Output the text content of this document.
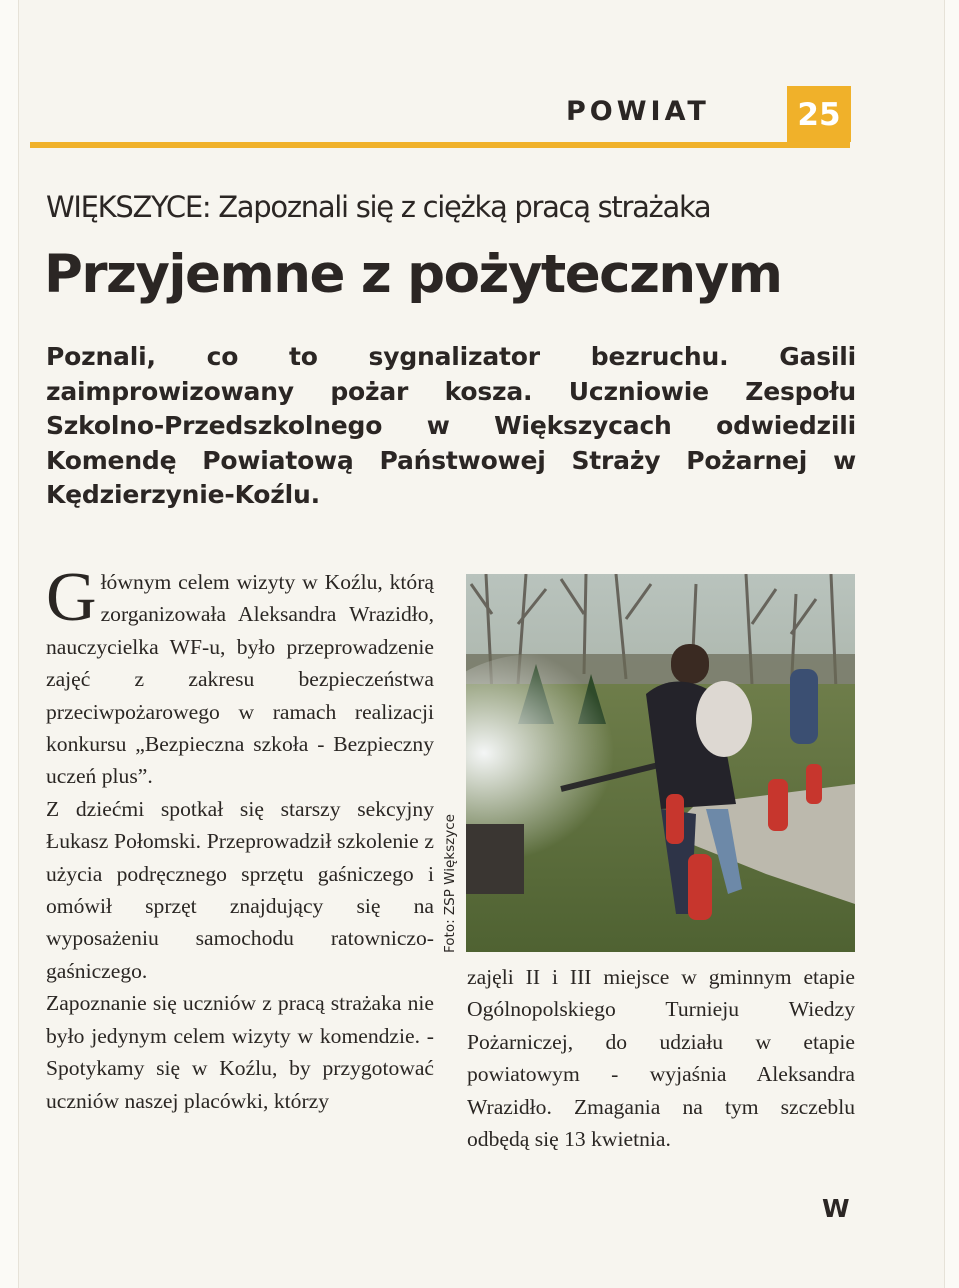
POWIAT	25
WIĘKSZYCE: Zapoznali się z ciężką pracą strażaka
Przyjemne z pożytecznym
Poznali, co to sygnalizator bezruchu. Gasili zaimprowizowany pożar kosza. Uczniowie Zespołu Szkolno-Przedszkolnego w Większycach odwiedzili Komendę Powiatową Państwowej Straży Pożarnej w Kędzierzynie-Koźlu.

Głównym celem wizyty w Koźlu, którą zorganizowała Aleksandra Wrazidło, nauczycielka WF-u, było przeprowadzenie zajęć z zakresu bezpieczeństwa przeciwpożarowego w ramach realizacji konkursu „Bezpieczna szkoła - Bezpieczny uczeń plus”.

Z dziećmi spotkał się starszy sekcyjny Łukasz Połomski. Przeprowadził szkolenie z użycia podręcznego sprzętu gaśniczego i omówił sprzęt znajdujący się na wyposażeniu samochodu ratowniczo-gaśniczego.

Zapoznanie się uczniów z pracą strażaka nie było jedynym celem wizyty w komendzie. - Spotykamy się w Koźlu, by przygotować uczniów naszej placówki, którzy

Foto: ZSP Większyce

zajęli II i III miejsce w gminnym etapie Ogólnopolskiego Turnieju Wiedzy Pożarniczej, do udziału w etapie powiatowym - wyjaśnia Aleksandra Wrazidło. Zmagania na tym szczeblu odbędą się 13 kwietnia.

W
